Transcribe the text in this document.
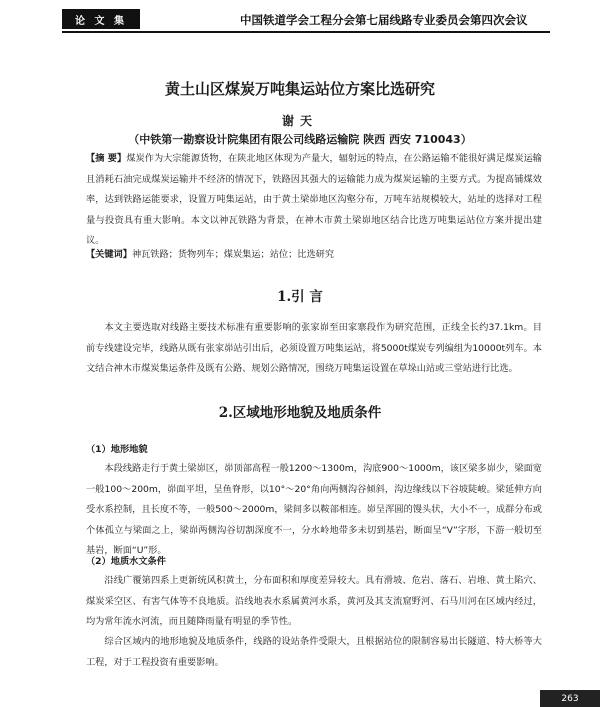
论 文 集	中国铁道学会工程分会第七届线路专业委员会第四次会议
黄土山区煤炭万吨集运站位方案比选研究
谢天
（中铁第一勘察设计院集团有限公司线路运输院 陕西 西安 710043）
【摘 要】煤炭作为大宗能源货物，在陕北地区体现为产量大，辐射远的特点，在公路运输不能很好满足煤炭运输且消耗石油完成煤炭运输并不经济的情况下，铁路因其强大的运输能力成为煤炭运输的主要方式。为提高铺煤效率，达到铁路运能要求，设置万吨集运站，由于黄土梁峁地区沟壑分布，万吨车站规模较大，站址的选择对工程量与投资具有重大影响。本文以神瓦铁路为背景，在神木市黄土梁峁地区结合比选万吨集运站位方案并提出建议。
【关键词】神瓦铁路；货物列车；煤炭集运；站位；比选研究
1.引 言
本文主要选取对线路主要技术标准有重要影响的张家峁至田家寨段作为研究范围，正线全长约37.1km。目前专线建设完毕，线路从既有张家峁站引出后，必须设置万吨集运站，将5000t煤炭专列编组为10000t列车。本文结合神木市煤炭集运条件及既有公路、规划公路情况，围绕万吨集运设置在草垛山站或三堂站进行比选。
2.区域地形地貌及地质条件
（1）地形地貌
本段线路走行于黄土梁峁区，峁顶部高程一般1200～1300m，沟底900～1000m，该区梁多峁少，梁面宽一般100～200m，峁面平坦，呈鱼脊形，以10°～20°角向两侧沟谷倾斜，沟边缘线以下谷坡陡峻。梁延伸方向受水系控制，且长度不等，一般500～2000m，梁间多以鞍部相连。峁呈浑圆的馒头状，大小不一，成群分布或个体孤立与梁面之上，梁峁两侧沟谷切割深度不一，分水岭地带多未切到基岩，断面呈“V”字形，下游一般切至基岩，断面“U”形。
（2）地质水文条件
沿线广覆第四系上更新统风积黄土，分布面积和厚度差异较大。具有滑坡、危岩、落石、岩堆、黄土陷穴、煤炭采空区、有害气体等不良地质。沿线地表水系属黄河水系，黄河及其支流窟野河、石马川河在区域内经过，均为常年流水河流，而且随降雨量有明显的季节性。
综合区域内的地形地貌及地质条件，线路的设站条件受限大，且根据站位的限制容易出长隧道、特大桥等大工程，对于工程投资有重要影响。
263
